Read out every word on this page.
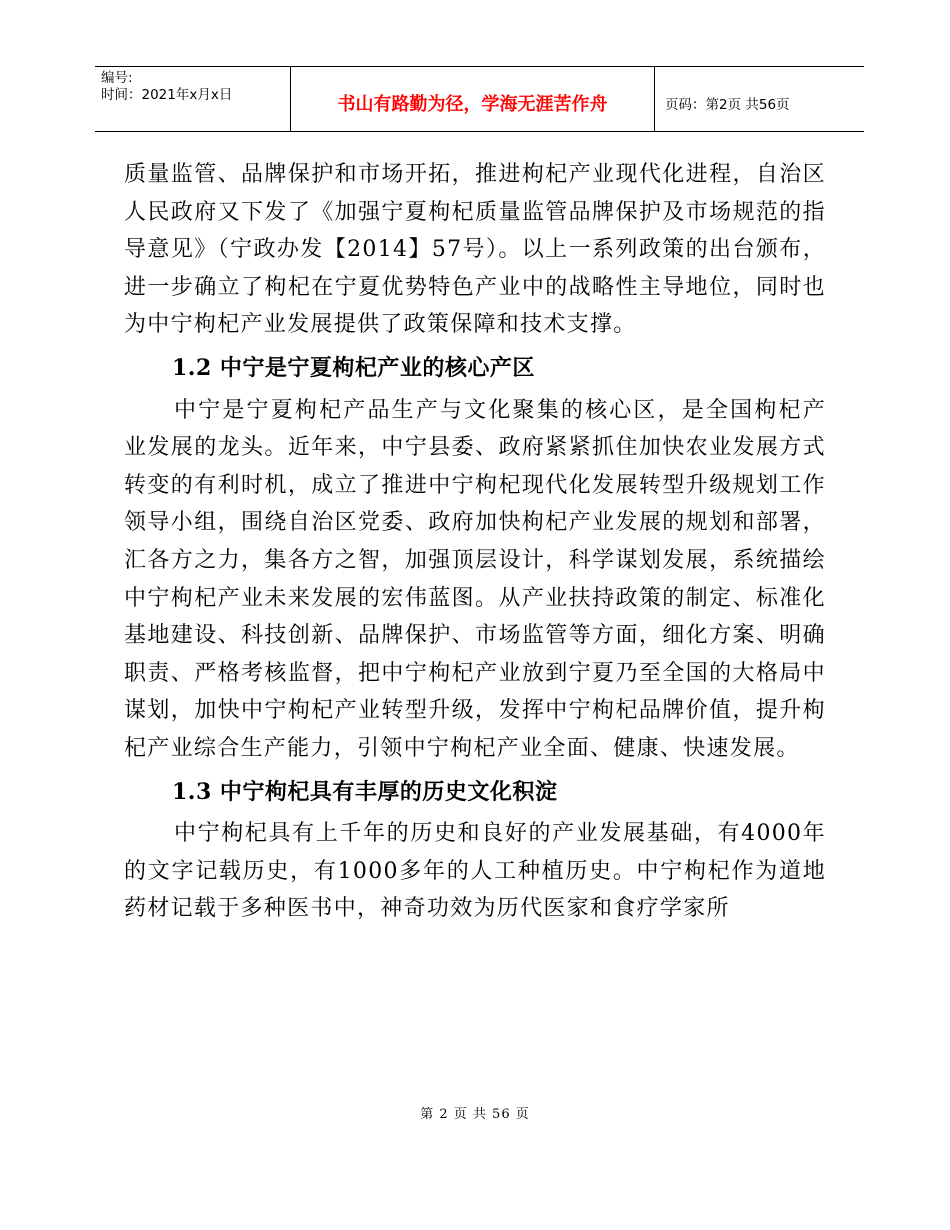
编号:
时间：2021年x月x日	书山有路勤为径，学海无涯苦作舟	页码：第2页 共56页

质量监管、品牌保护和市场开拓，推进枸杞产业现代化进程，自治区人民政府又下发了《加强宁夏枸杞质量监管品牌保护及市场规范的指导意见》（宁政办发【2014】57号）。以上一系列政策的出台颁布，进一步确立了枸杞在宁夏优势特色产业中的战略性主导地位，同时也为中宁枸杞产业发展提供了政策保障和技术支撑。

1.2 中宁是宁夏枸杞产业的核心产区

中宁是宁夏枸杞产品生产与文化聚集的核心区，是全国枸杞产业发展的龙头。近年来，中宁县委、政府紧紧抓住加快农业发展方式转变的有利时机，成立了推进中宁枸杞现代化发展转型升级规划工作领导小组，围绕自治区党委、政府加快枸杞产业发展的规划和部署，汇各方之力，集各方之智，加强顶层设计，科学谋划发展，系统描绘中宁枸杞产业未来发展的宏伟蓝图。从产业扶持政策的制定、标准化基地建设、科技创新、品牌保护、市场监管等方面，细化方案、明确职责、严格考核监督，把中宁枸杞产业放到宁夏乃至全国的大格局中谋划，加快中宁枸杞产业转型升级，发挥中宁枸杞品牌价值，提升枸杞产业综合生产能力，引领中宁枸杞产业全面、健康、快速发展。

1.3 中宁枸杞具有丰厚的历史文化积淀

中宁枸杞具有上千年的历史和良好的产业发展基础，有4000年的文字记载历史，有1000多年的人工种植历史。中宁枸杞作为道地药材记载于多种医书中，神奇功效为历代医家和食疗学家所

第 2 页 共 56 页
